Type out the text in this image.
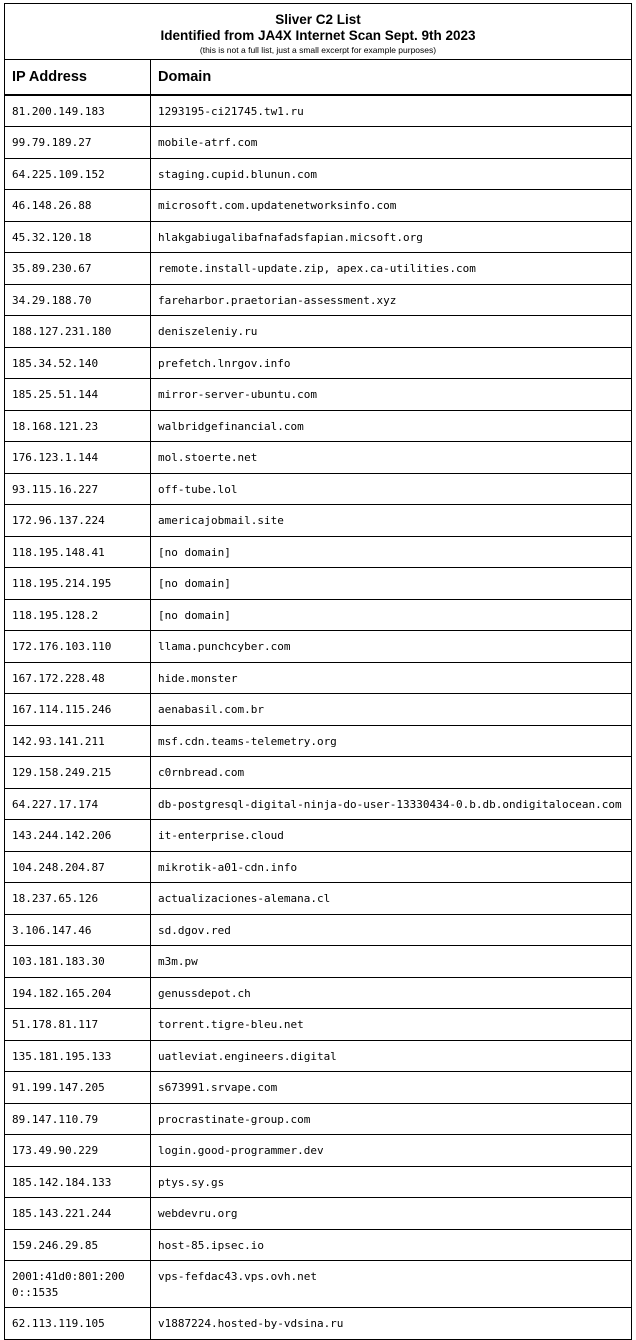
Sliver C2 List
Identified from JA4X Internet Scan Sept. 9th 2023
(this is not a full list, just a small excerpt for example purposes)	

IP Address	Domain
81.200.149.183	1293195-ci21745.tw1.ru
99.79.189.27	mobile-atrf.com
64.225.109.152	staging.cupid.blunun.com
46.148.26.88	microsoft.com.updatenetworksinfo.com
45.32.120.18	hlakgabiugalibafnafadsfapian.micsoft.org
35.89.230.67	remote.install-update.zip, apex.ca-utilities.com
34.29.188.70	fareharbor.praetorian-assessment.xyz
188.127.231.180	deniszeleniy.ru
185.34.52.140	prefetch.lnrgov.info
185.25.51.144	mirror-server-ubuntu.com
18.168.121.23	walbridgefinancial.com
176.123.1.144	mol.stoerte.net
93.115.16.227	off-tube.lol
172.96.137.224	americajobmail.site
118.195.148.41	[no domain]
118.195.214.195	[no domain]
118.195.128.2	[no domain]
172.176.103.110	llama.punchcyber.com
167.172.228.48	hide.monster
167.114.115.246	aenabasil.com.br
142.93.141.211	msf.cdn.teams-telemetry.org
129.158.249.215	c0rnbread.com
64.227.17.174	db-postgresql-digital-ninja-do-user-13330434-0.b.db.ondigitalocean.com
143.244.142.206	it-enterprise.cloud
104.248.204.87	mikrotik-a01-cdn.info
18.237.65.126	actualizaciones-alemana.cl
3.106.147.46	sd.dgov.red
103.181.183.30	m3m.pw
194.182.165.204	genussdepot.ch
51.178.81.117	torrent.tigre-bleu.net
135.181.195.133	uatleviat.engineers.digital
91.199.147.205	s673991.srvape.com
89.147.110.79	procrastinate-group.com
173.49.90.229	login.good-programmer.dev
185.142.184.133	ptys.sy.gs
185.143.221.244	webdevru.org
159.246.29.85	host-85.ipsec.io
2001:41d0:801:2000::1535	vps-fefdac43.vps.ovh.net
62.113.119.105	v1887224.hosted-by-vdsina.ru
